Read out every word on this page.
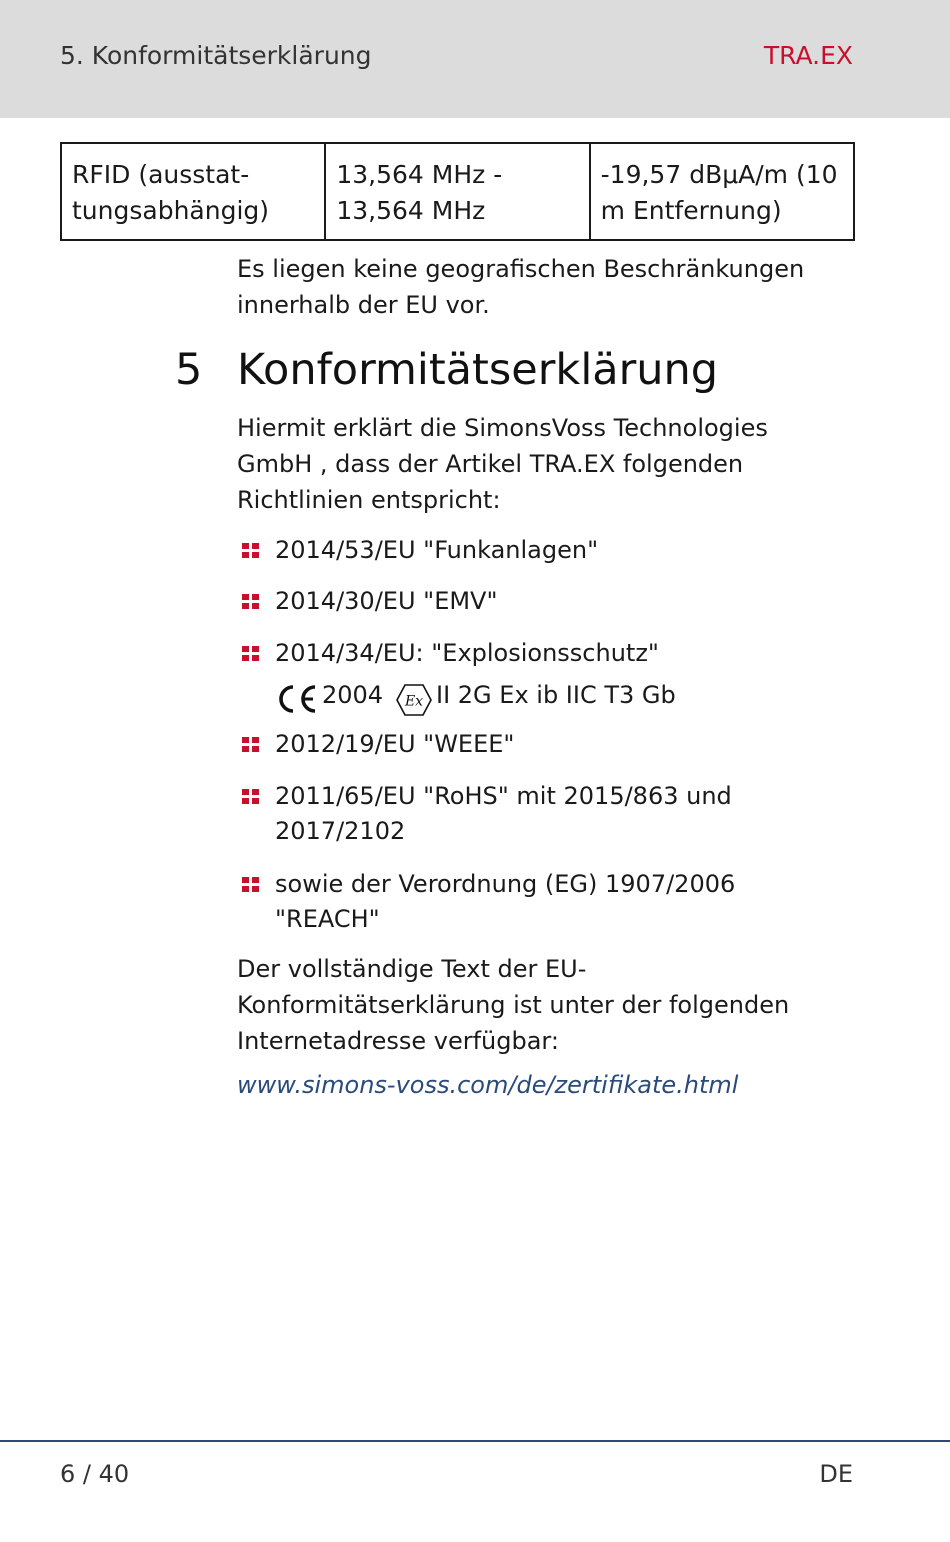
5. Konformitätserklärung	TRA.EX
RFID (ausstat-tungsabhängig)	13,564 MHz - 13,564 MHz	-19,57 dBμA/m (10 m Entfernung)
Es liegen keine geografischen Beschränkungen innerhalb der EU vor.
5 Konformitätserklärung
Hiermit erklärt die SimonsVoss Technologies GmbH , dass der Artikel TRA.EX folgenden Richtlinien entspricht:
2014/53/EU "Funkanlagen"
2014/30/EU "EMV"
2014/34/EU: "Explosionsschutz"
2012/19/EU "WEEE"
2011/65/EU "RoHS" mit 2015/863 und 2017/2102
sowie der Verordnung (EG) 1907/2006 "REACH"
2004 Ex II 2G Ex ib IIC T3 Gb
Der vollständige Text der EU-Konformitätserklärung ist unter der folgenden Internetadresse verfügbar:
www.simons-voss.com/de/zertifikate.html
6 / 40	DE
